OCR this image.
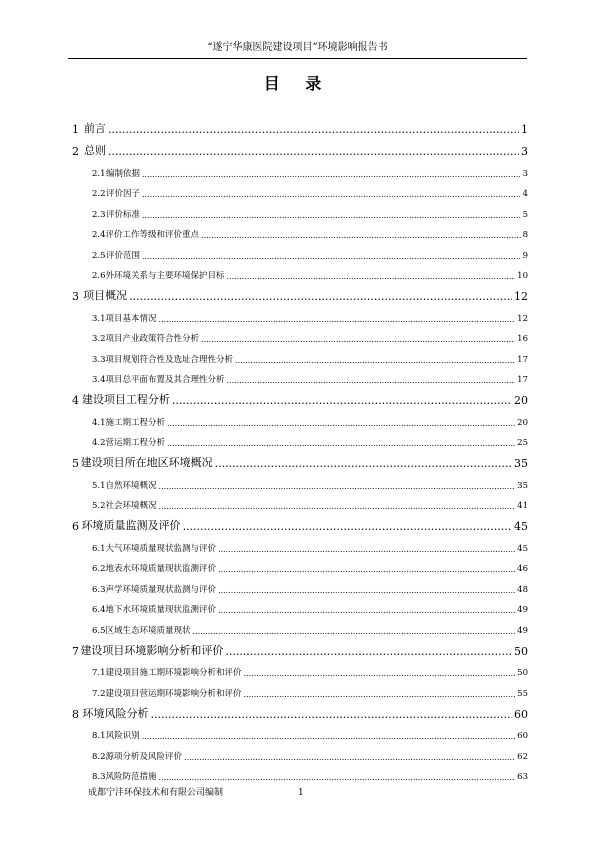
“遂宁华康医院建设项目”环境影响报告书
目 录
1 前言 .....	1
2 总则 .....	3
2.1 编制依据 .....	3
2.2 评价因子 .....	4
2.3 评价标准 .....	5
2.4 评价工作等级和评价重点 .....	8
2.5 评价范围 .....	9
2.6 外环境关系与主要环境保护目标 .....	10
3 项目概况 .....	12
3.1 项目基本情况 .....	12
3.2 项目产业政策符合性分析 .....	16
3.3 项目规划符合性及选址合理性分析 .....	17
3.4 项目总平面布置及其合理性分析 .....	17
4 建设项目工程分析 .....	20
4.1 施工期工程分析 .....	20
4.2 营运期工程分析 .....	25
5 建设项目所在地区环境概况 .....	35
5.1 自然环境概况 .....	35
5.2 社会环境概况 .....	41
6 环境质量监测及评价 .....	45
6.1 大气环境质量现状监测与评价 .....	45
6.2 地表水环境质量现状监测评价 .....	46
6.3 声学环境质量现状监测与评价 .....	48
6.4 地下水环境质量现状监测评价 .....	49
6.5 区域生态环境质量现状 .....	49
7 建设项目环境影响分析和评价 .....	50
7.1 建设项目施工期环境影响分析和评价 .....	50
7.2 建设项目营运期环境影响分析和评价 .....	55
8 环境风险分析 .....	60
8.1 风险识别 .....	60
8.2 源项分析及风险评价 .....	62
8.3 风险防范措施 .....	63
成都宁沣环保技术和有限公司编制	1
